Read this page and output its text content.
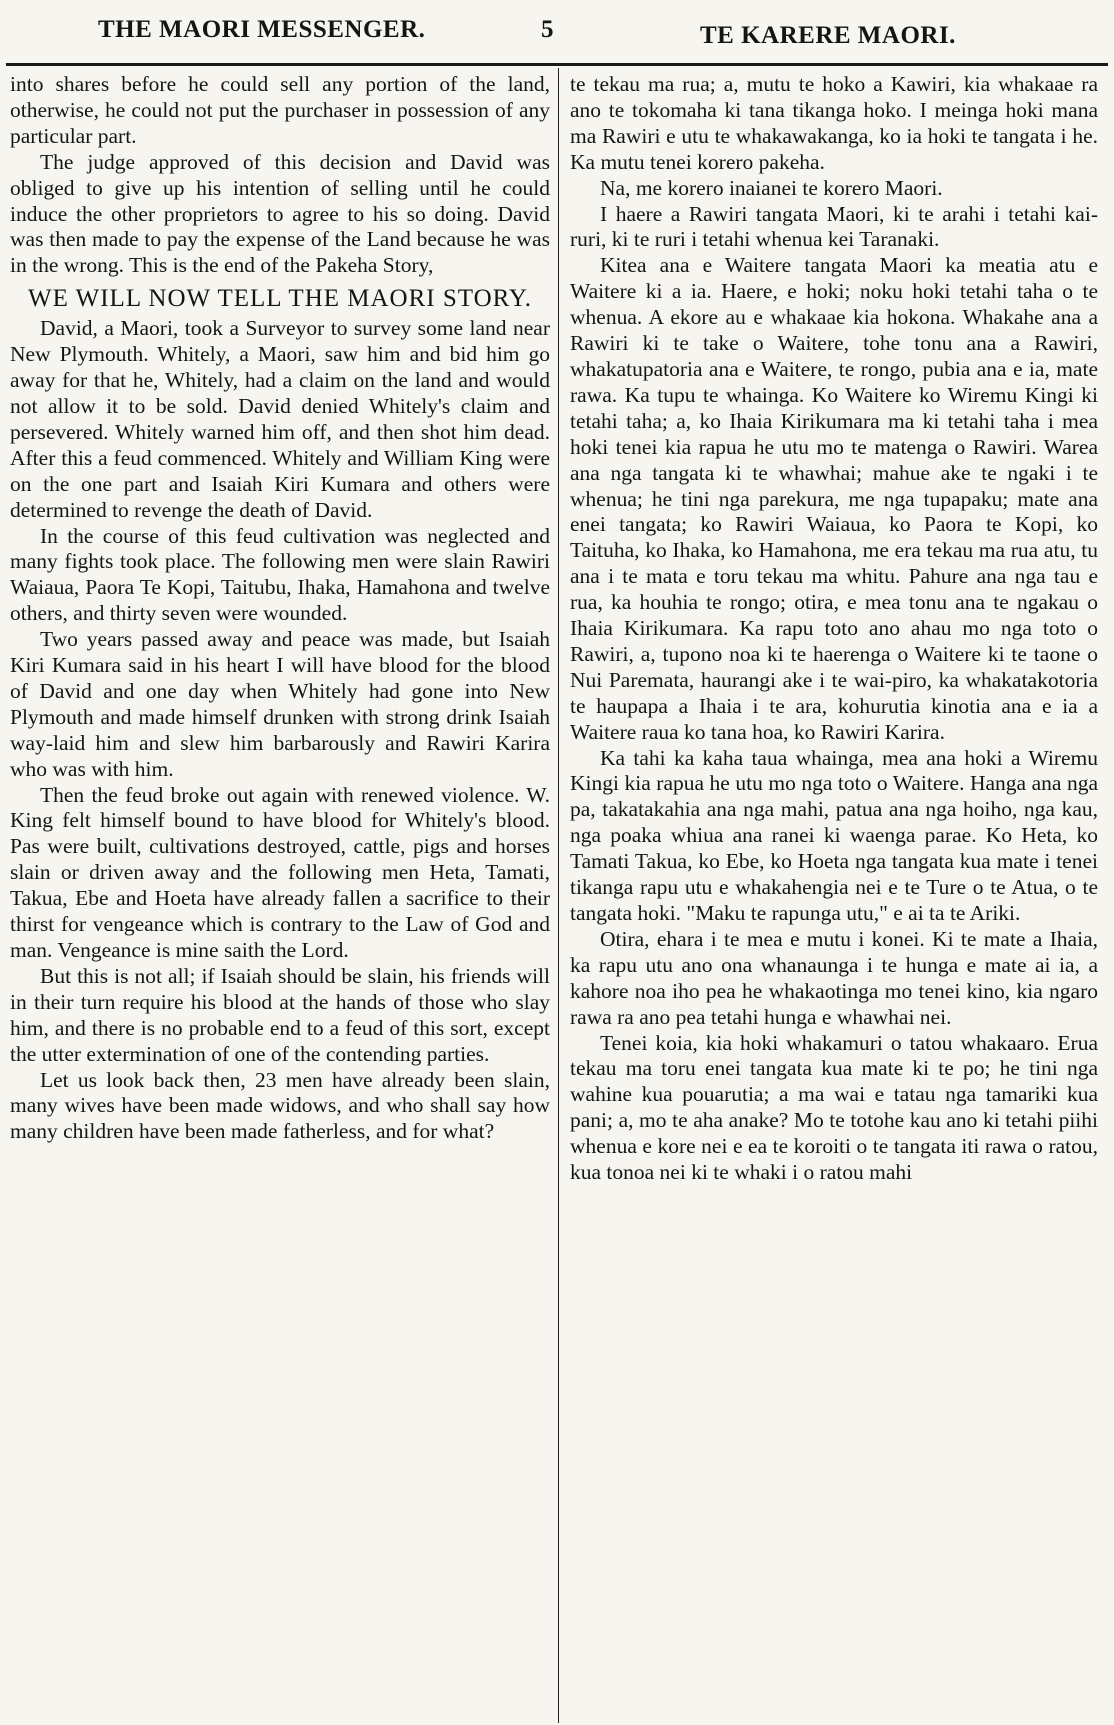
THE MAORI MESSENGER.	5	TE KARERE MAORI.

into shares before he could sell any portion of the land, otherwise, he could not put the purchaser in possession of any particular part.

The judge approved of this decision and David was obliged to give up his intention of selling until he could induce the other proprietors to agree to his so doing. David was then made to pay the expense of the Land because he was in the wrong. This is the end of the Pakeha Story,

WE WILL NOW TELL THE MAORI STORY.

David, a Maori, took a Surveyor to survey some land near New Plymouth. Whitely, a Maori, saw him and bid him go away for that he, Whitely, had a claim on the land and would not allow it to be sold. David denied Whitely's claim and persevered. Whitely warned him off, and then shot him dead. After this a feud commenced. Whitely and William King were on the one part and Isaiah Kiri Kumara and others were determined to revenge the death of David.

In the course of this feud cultivation was neglected and many fights took place. The following men were slain Rawiri Waiaua, Paora Te Kopi, Taitubu, Ihaka, Hamahona and twelve others, and thirty seven were wounded.

Two years passed away and peace was made, but Isaiah Kiri Kumara said in his heart I will have blood for the blood of David and one day when Whitely had gone into New Plymouth and made himself drunken with strong drink Isaiah way-laid him and slew him barbarously and Rawiri Karira who was with him.

Then the feud broke out again with renewed violence. W. King felt himself bound to have blood for Whitely's blood. Pas were built, cultivations destroyed, cattle, pigs and horses slain or driven away and the following men Heta, Tamati, Takua, Ebe and Hoeta have already fallen a sacrifice to their thirst for vengeance which is contrary to the Law of God and man. Vengeance is mine saith the Lord.

But this is not all; if Isaiah should be slain, his friends will in their turn require his blood at the hands of those who slay him, and there is no probable end to a feud of this sort, except the utter extermination of one of the contending parties.

Let us look back then, 23 men have already been slain, many wives have been made widows, and who shall say how many children have been made fatherless, and for what?

te tekau ma rua; a, mutu te hoko a Kawiri, kia whakaae ra ano te tokomaha ki tana tikanga hoko. I meinga hoki mana ma Rawiri e utu te whakawakanga, ko ia hoki te tangata i he. Ka mutu tenei korero pakeha.

Na, me korero inaianei te korero Maori.

I haere a Rawiri tangata Maori, ki te arahi i tetahi kai-ruri, ki te ruri i tetahi whenua kei Taranaki.

Kitea ana e Waitere tangata Maori ka meatia atu e Waitere ki a ia. Haere, e hoki; noku hoki tetahi taha o te whenua. A ekore au e whakaae kia hokona. Whakahe ana a Rawiri ki te take o Waitere, tohe tonu ana a Rawiri, whakatupatoria ana e Waitere, te rongo, pubia ana e ia, mate rawa. Ka tupu te whainga. Ko Waitere ko Wiremu Kingi ki tetahi taha; a, ko Ihaia Kirikumara ma ki tetahi taha i mea hoki tenei kia rapua he utu mo te matenga o Rawiri. Warea ana nga tangata ki te whawhai; mahue ake te ngaki i te whenua; he tini nga parekura, me nga tupapaku; mate ana enei tangata; ko Rawiri Waiaua, ko Paora te Kopi, ko Taituha, ko Ihaka, ko Hamahona, me era tekau ma rua atu, tu ana i te mata e toru tekau ma whitu. Pahure ana nga tau e rua, ka houhia te rongo; otira, e mea tonu ana te ngakau o Ihaia Kirikumara. Ka rapu toto ano ahau mo nga toto o Rawiri, a, tupono noa ki te haerenga o Waitere ki te taone o Nui Paremata, haurangi ake i te wai-piro, ka whakatakotoria te haupapa a Ihaia i te ara, kohurutia kinotia ana e ia a Waitere raua ko tana hoa, ko Rawiri Karira.

Ka tahi ka kaha taua whainga, mea ana hoki a Wiremu Kingi kia rapua he utu mo nga toto o Waitere. Hanga ana nga pa, takatakahia ana nga mahi, patua ana nga hoiho, nga kau, nga poaka whiua ana ranei ki waenga parae. Ko Heta, ko Tamati Takua, ko Ebe, ko Hoeta nga tangata kua mate i tenei tikanga rapu utu e whakahengia nei e te Ture o te Atua, o te tangata hoki. "Maku te rapunga utu," e ai ta te Ariki.

Otira, ehara i te mea e mutu i konei. Ki te mate a Ihaia, ka rapu utu ano ona whanaunga i te hunga e mate ai ia, a kahore noa iho pea he whakaotinga mo tenei kino, kia ngaro rawa ra ano pea tetahi hunga e whawhai nei.

Tenei koia, kia hoki whakamuri o tatou whakaaro. Erua tekau ma toru enei tangata kua mate ki te po; he tini nga wahine kua pouarutia; a ma wai e tatau nga tamariki kua pani; a, mo te aha anake? Mo te totohe kau ano ki tetahi piihi whenua e kore nei e ea te koroiti o te tangata iti rawa o ratou, kua tonoa nei ki te whaki i o ratou mahi
